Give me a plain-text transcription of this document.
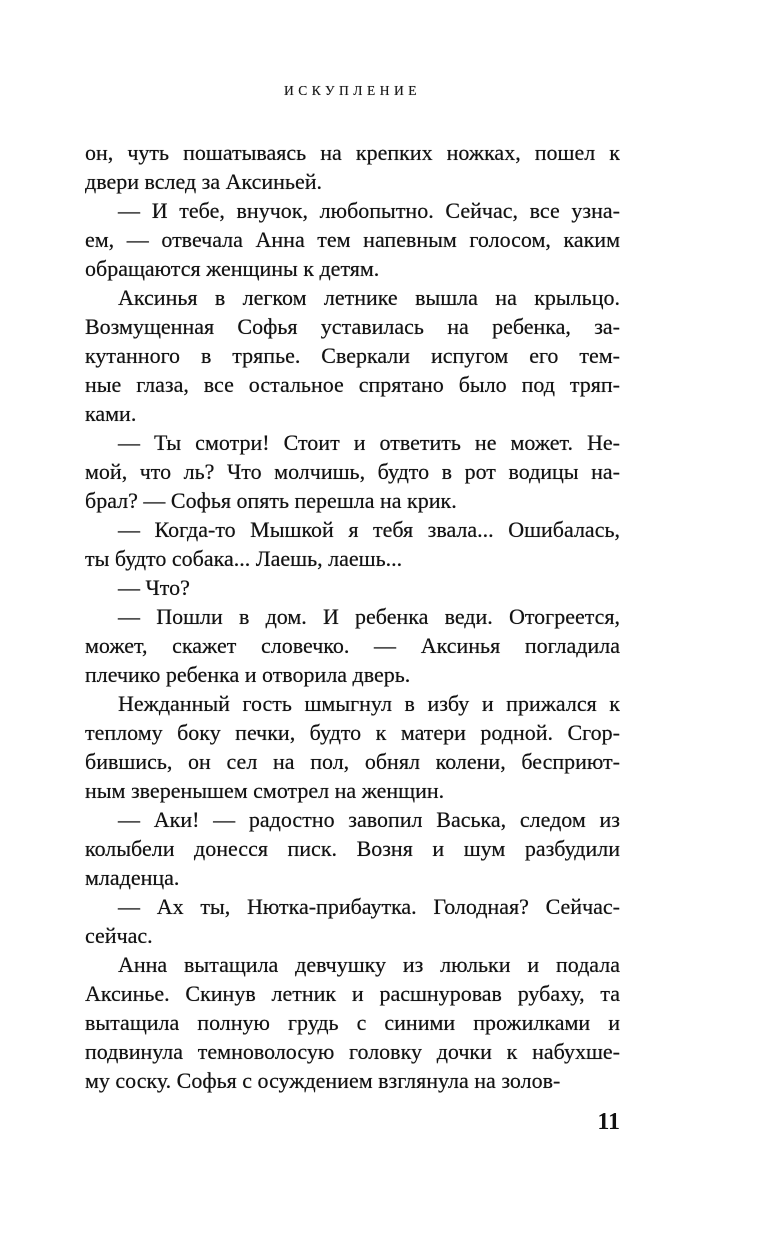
ИСКУПЛЕНИЕ
он, чуть пошатываясь на крепких ножках, пошел к
двери вслед за Аксиньей.
— И тебе, внучок, любопытно. Сейчас, все узна-
ем, — отвечала Анна тем напевным голосом, каким
обращаются женщины к детям.
Аксинья в легком летнике вышла на крыльцо.
Возмущенная Софья уставилась на ребенка, за-
кутанного в тряпье. Сверкали испугом его тем-
ные глаза, все остальное спрятано было под тряп-
ками.
— Ты смотри! Стоит и ответить не может. Не-
мой, что ль? Что молчишь, будто в рот водицы на-
брал? — Софья опять перешла на крик.
— Когда-то Мышкой я тебя звала... Ошибалась,
ты будто собака... Лаешь, лаешь...
— Что?
— Пошли в дом. И ребенка веди. Отогреется,
может, скажет словечко. — Аксинья погладила
плечико ребенка и отворила дверь.
Нежданный гость шмыгнул в избу и прижался к
теплому боку печки, будто к матери родной. Сгор-
бившись, он сел на пол, обнял колени, бесприют-
ным зверенышем смотрел на женщин.
— Аки! — радостно завопил Васька, следом из
колыбели донесся писк. Возня и шум разбудили
младенца.
— Ах ты, Нютка-прибаутка. Голодная? Сейчас-
сейчас.
Анна вытащила девчушку из люльки и подала
Аксинье. Скинув летник и расшнуровав рубаху, та
вытащила полную грудь с синими прожилками и
подвинула темноволосую головку дочки к набухше-
му соску. Софья с осуждением взглянула на золов-
11
